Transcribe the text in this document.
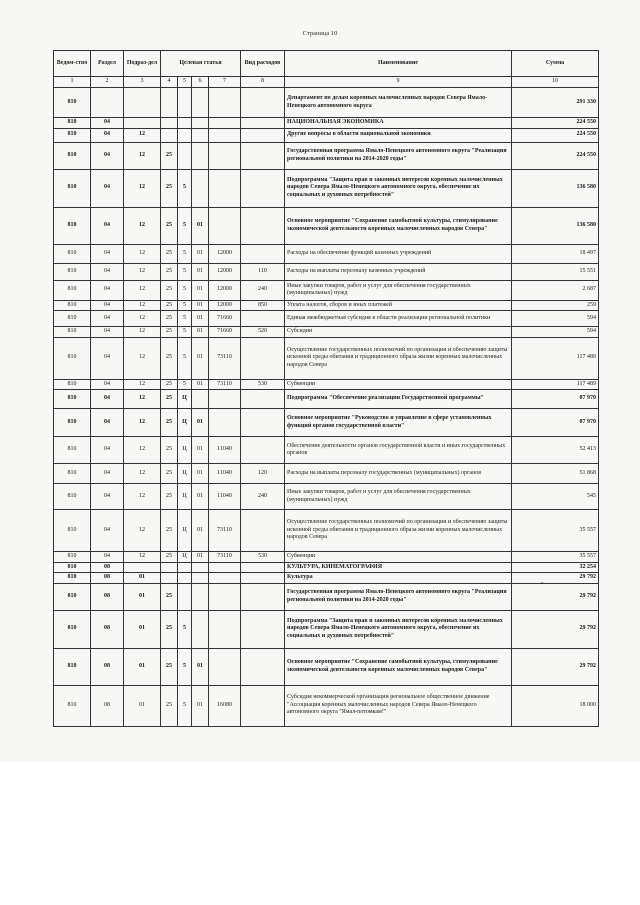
Страница 10
•
Ведом-ство	Раздел	Подраз-дел	Целевая статья				Вид расходов	Наименование	Сумма
1	2	3	4	5	6	7	8	9	10
810								Департамент по делам коренных малочисленных народов Севера Ямало-Ненецкого автономного округа	291 330
810	04							НАЦИОНАЛЬНАЯ ЭКОНОМИКА	224 550
810	04	12						Другие вопросы в области национальной экономики	224 550
810	04	12	25					Государственная программа Ямало-Ненецкого автономного округа "Реализация региональной политики на 2014-2020 годы"	224 550
810	04	12	25	5				Подпрограмма "Защита прав и законных интересов коренных малочисленных народов Севера Ямало-Ненецкого автономного округа, обеспечение их социальных и духовных потребностей"	136 580
810	04	12	25	5	01			Основное мероприятие "Сохранение самобытной культуры, стимулирование экономической деятельности коренных малочисленных народов Севера"	136 580
810	04	12	25	5	01	12000		Расходы на обеспечение функций казенных учреждений	18 497
810	04	12	25	5	01	12000	110	Расходы на выплаты персоналу казенных учреждений	15 551
810	04	12	25	5	01	12000	240	Иные закупки товаров, работ и услуг для обеспечения государственных (муниципальных) нужд	2 687
810	04	12	25	5	01	12000	850	Уплата налогов, сборов и иных платежей	259
810	04	12	25	5	01	71660		Единая межбюджетная субсидия в области реализации региональной политики	594
810	04	12	25	5	01	71660	520	Субсидии	594
810	04	12	25	5	01	73110		Осуществление государственных полномочий по организации и обеспечению защиты исконной среды обитания и традиционного образа жизни коренных малочисленных народов Севера	117 489
810	04	12	25	5	01	73110	530	Субвенции	117 489
810	04	12	25	Ц				Подпрограмма "Обеспечение реализации Государственной программы"	87 970
810	04	12	25	Ц	01			Основное мероприятие "Руководство и управление в сфере установленных функций органов государственной власти"	87 970
810	04	12	25	Ц	01	11040		Обеспечение деятельности органов государственной власти и иных государственных органов	52 413
810	04	12	25	Ц	01	11040	120	Расходы на выплаты персоналу государственных (муниципальных) органов	51 868
810	04	12	25	Ц	01	11040	240	Иные закупки товаров, работ и услуг для обеспечения государственных (муниципальных) нужд	545
810	04	12	25	Ц	01	73110		Осуществление государственных полномочий по организации и обеспечению защиты исконной среды обитания и традиционного образа жизни коренных малочисленных народов Севера	35 557
810	04	12	25	Ц	01	73110	530	Субвенции	35 557
810	08							КУЛЬТУРА, КИНЕМАТОГРАФИЯ	32 254
810	08	01						Культура	29 792
810	08	01	25					Государственная программа Ямало-Ненецкого автономного округа "Реализация региональной политики на 2014-2020 годы"	29 792
810	08	01	25	5				Подпрограмма "Защита прав и законных интересов коренных малочисленных народов Севера Ямало-Ненецкого автономного округа, обеспечение их социальных и духовных потребностей"	29 792
810	08	01	25	5	01			Основное мероприятие "Сохранение самобытной культуры, стимулирование экономической деятельности коренных малочисленных народов Севера"	29 792
810	08	01	25	5	01	16080		Субсидия некоммерческой организации региональное общественное движение "Ассоциация коренных малочисленных народов Севера Ямало-Ненецкого автономного округа "Ямал-потомкам!"	18 000
